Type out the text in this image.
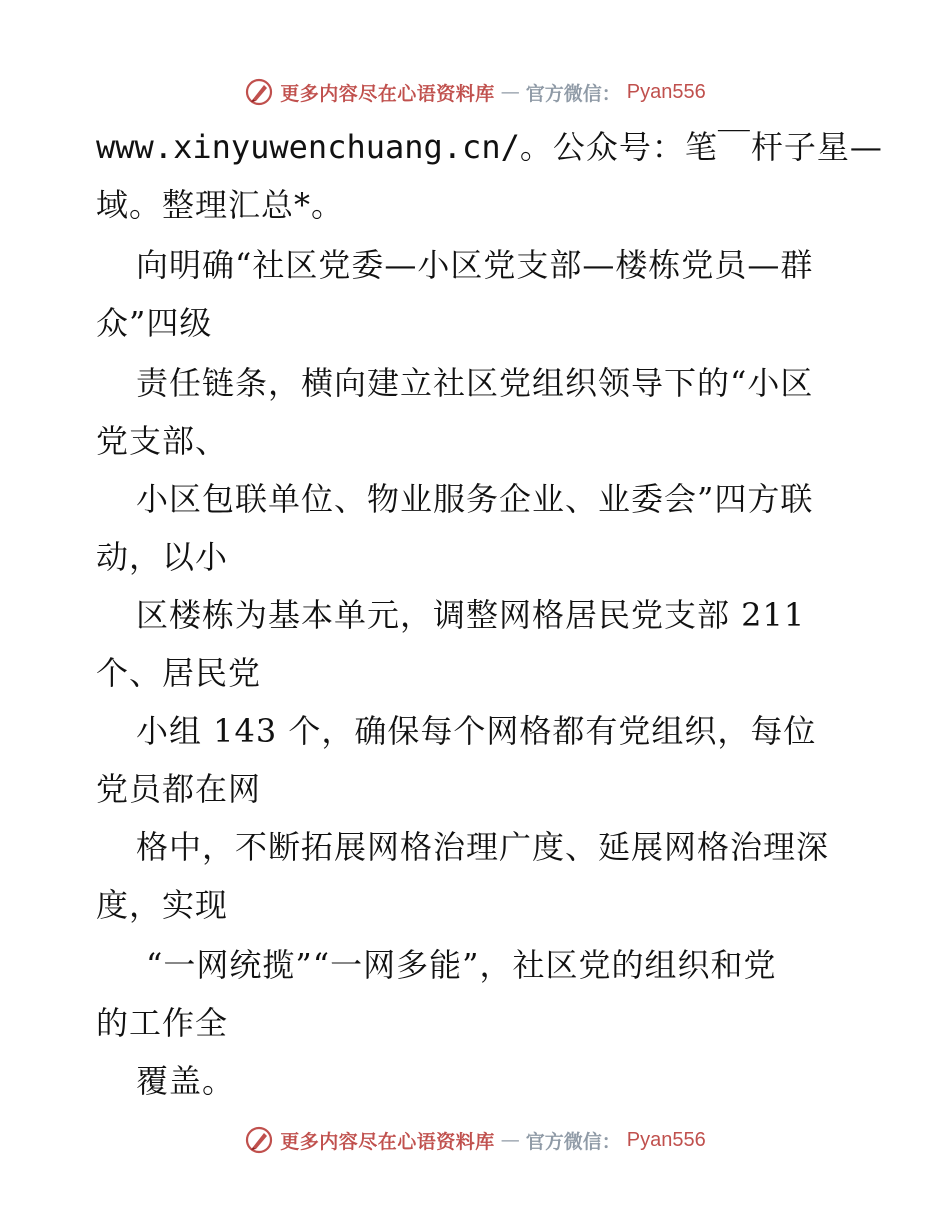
更多内容尽在心语资料库 — 官方微信： Pyan556
www.xinyuwenchuang.cn/。公众号：笔￣杆子星—
域。整理汇总*。
向明确“社区党委—小区党支部—楼栋党员—群
众”四级
责任链条，横向建立社区党组织领导下的“小区
党支部、
小区包联单位、物业服务企业、业委会”四方联
动，以小
区楼栋为基本单元，调整网格居民党支部 211
个、居民党
小组 143 个，确保每个网格都有党组织，每位
党员都在网
格中，不断拓展网格治理广度、延展网格治理深
度，实现
“一网统揽”“一网多能”，社区党的组织和党
的工作全
覆盖。
更多内容尽在心语资料库 — 官方微信： Pyan556
